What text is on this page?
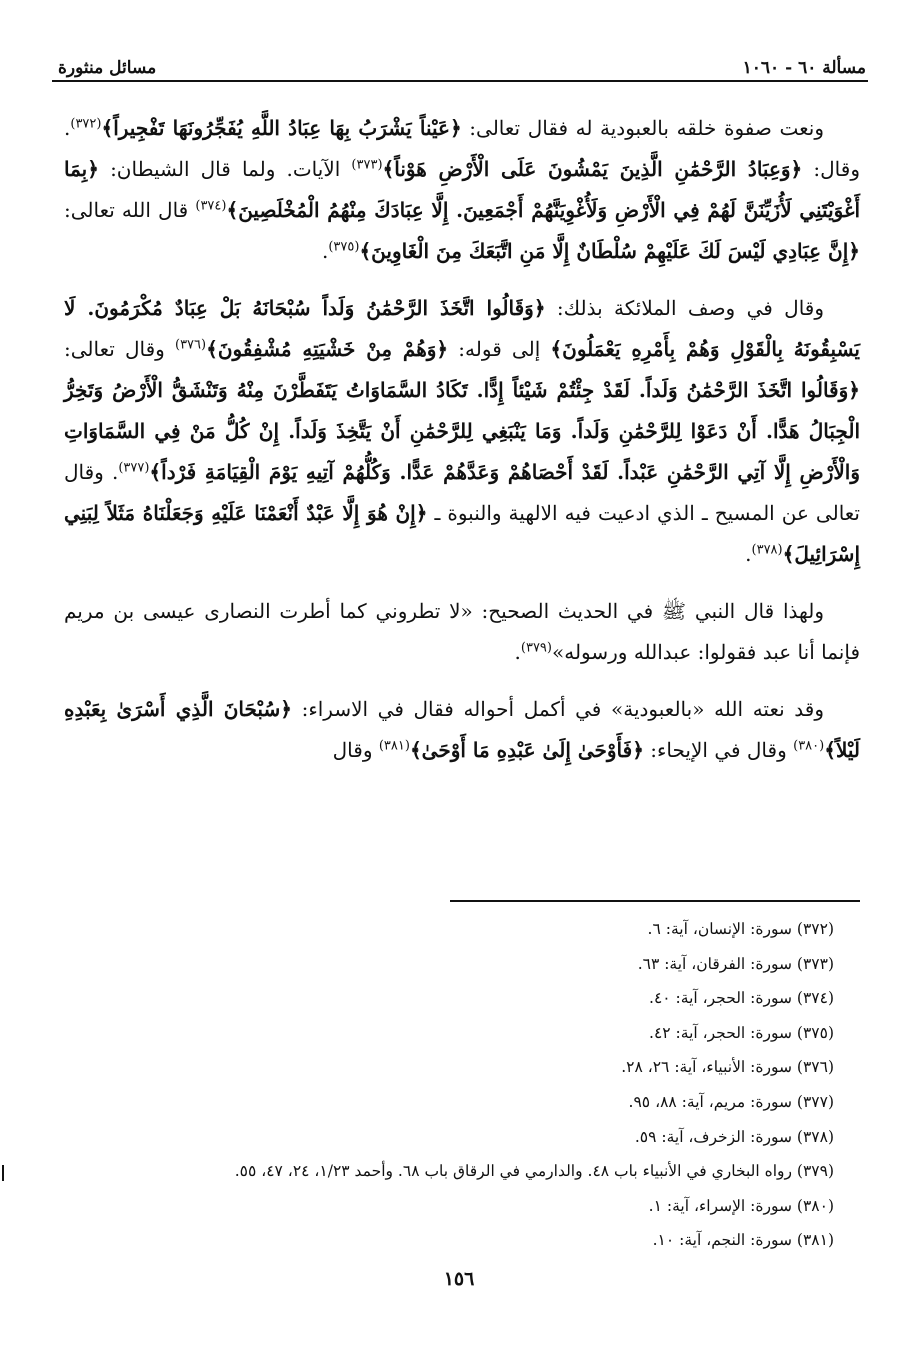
مسألة ٦٠ - ١٠٦٠
مسائل منثورة

ونعت صفوة خلقه بالعبودية له فقال تعالى: ﴿عَيْناً يَشْرَبُ بِهَا عِبَادُ اللَّهِ يُفَجِّرُونَهَا تَفْجِيراً﴾$^{(٣٧٢)}$. وقال: ﴿وَعِبَادُ الرَّحْمَٰنِ الَّذِينَ يَمْشُونَ عَلَى الْأَرْضِ هَوْناً﴾$^{(٣٧٣)}$ الآيات. ولما قال الشيطان: ﴿بِمَا أَغْوَيْتَنِي لَأُزَيِّنَنَّ لَهُمْ فِي الْأَرْضِ وَلَأُغْوِيَنَّهُمْ أَجْمَعِينَ. إِلَّا عِبَادَكَ مِنْهُمُ الْمُخْلَصِينَ﴾$^{(٣٧٤)}$ قال الله تعالى: ﴿إِنَّ عِبَادِي لَيْسَ لَكَ عَلَيْهِمْ سُلْطَانٌ إِلَّا مَنِ اتَّبَعَكَ مِنَ الْغَاوِينَ﴾$^{(٣٧٥)}$.

وقال في وصف الملائكة بذلك: ﴿وَقَالُوا اتَّخَذَ الرَّحْمَٰنُ وَلَداً سُبْحَانَهُ بَلْ عِبَادٌ مُكْرَمُونَ. لَا يَسْبِقُونَهُ بِالْقَوْلِ وَهُمْ بِأَمْرِهِ يَعْمَلُونَ﴾ إلى قوله: ﴿وَهُمْ مِنْ خَشْيَتِهِ مُشْفِقُونَ﴾$^{(٣٧٦)}$ وقال تعالى: ﴿وَقَالُوا اتَّخَذَ الرَّحْمَٰنُ وَلَداً. لَقَدْ جِئْتُمْ شَيْئاً إِدًّا. تَكَادُ السَّمَاوَاتُ يَتَفَطَّرْنَ مِنْهُ وَتَنْشَقُّ الْأَرْضُ وَتَخِرُّ الْجِبَالُ هَدًّا. أَنْ دَعَوْا لِلرَّحْمَٰنِ وَلَداً. وَمَا يَنْبَغِي لِلرَّحْمَٰنِ أَنْ يَتَّخِذَ وَلَداً. إِنْ كُلُّ مَنْ فِي السَّمَاوَاتِ وَالْأَرْضِ إِلَّا آتِي الرَّحْمَٰنِ عَبْداً. لَقَدْ أَحْصَاهُمْ وَعَدَّهُمْ عَدًّا. وَكُلُّهُمْ آتِيهِ يَوْمَ الْقِيَامَةِ فَرْداً﴾$^{(٣٧٧)}$. وقال تعالى عن المسيح ـ الذي ادعيت فيه الالهية والنبوة ـ ﴿إِنْ هُوَ إِلَّا عَبْدٌ أَنْعَمْنَا عَلَيْهِ وَجَعَلْنَاهُ مَثَلاً لِبَنِي إِسْرَائِيلَ﴾$^{(٣٧٨)}$.

ولهذا قال النبي ﷺ في الحديث الصحيح: «لا تطروني كما أطرت النصارى عيسى بن مريم فإنما أنا عبد فقولوا: عبدالله ورسوله»$^{(٣٧٩)}$.

وقد نعته الله «بالعبودية» في أكمل أحواله فقال في الاسراء: ﴿سُبْحَانَ الَّذِي أَسْرَىٰ بِعَبْدِهِ لَيْلاً﴾$^{(٣٨٠)}$ وقال في الإيحاء: ﴿فَأَوْحَىٰ إِلَىٰ عَبْدِهِ مَا أَوْحَىٰ﴾$^{(٣٨١)}$ وقال

(٣٧٢) سورة: الإنسان، آية: ٦.

(٣٧٣) سورة: الفرقان، آية: ٦٣.

(٣٧٤) سورة: الحجر، آية: ٤٠.

(٣٧٥) سورة: الحجر، آية: ٤٢.

(٣٧٦) سورة: الأنبياء، آية: ٢٦، ٢٨.

(٣٧٧) سورة: مريم، آية: ٨٨، ٩٥.

(٣٧٨) سورة: الزخرف، آية: ٥٩.

(٣٧٩) رواه البخاري في الأنبياء باب ٤٨. والدارمي في الرقاق باب ٦٨. وأحمد ١/٢٣، ٢٤، ٤٧، ٥٥.

(٣٨٠) سورة: الإسراء، آية: ١.

(٣٨١) سورة: النجم، آية: ١٠.

١٥٦
